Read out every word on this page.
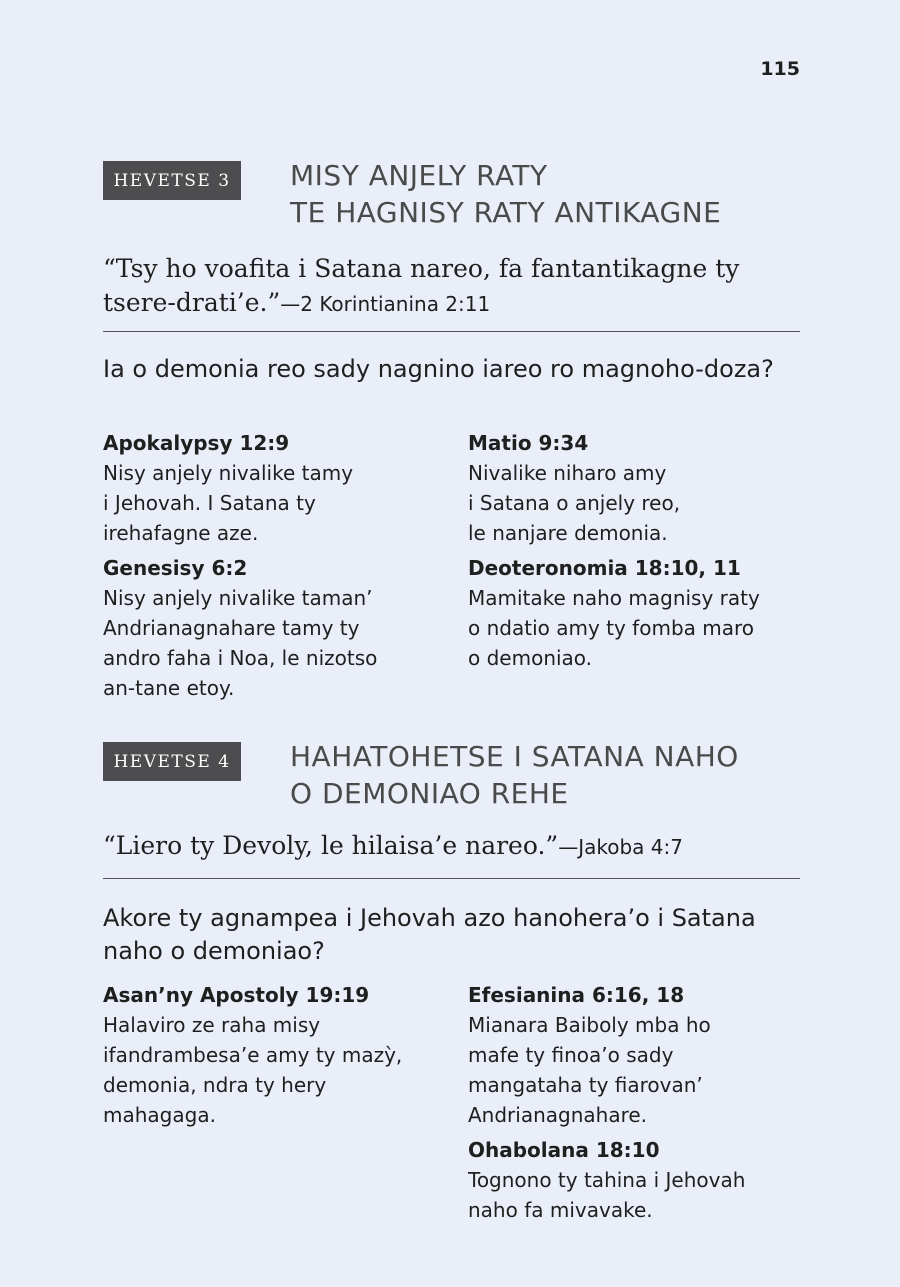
115
HEVETSE 3	MISY ANJELY RATY
TE HAGNISY RATY ANTIKAGNE
“Tsy ho voafita i Satana nareo, fa fantantikagne ty tsere-drati’e.”—2 Korintianina 2:11
Ia o demonia reo sady nagnino iareo ro magnoho-doza?
Apokalypsy 12:9
Nisy anjely nivalike tamy
i Jehovah. I Satana ty
irehafagne aze.
Genesisy 6:2
Nisy anjely nivalike taman’
Andrianagnahare tamy ty
andro faha i Noa, le nizotso
an-tane etoy.
Matio 9:34
Nivalike niharo amy
i Satana o anjely reo,
le nanjare demonia.
Deoteronomia 18:10, 11
Mamitake naho magnisy raty
o ndatio amy ty fomba maro
o demoniao.
HEVETSE 4	HAHATOHETSE I SATANA NAHO
O DEMONIAO REHE
“Liero ty Devoly, le hilaisa’e nareo.”—Jakoba 4:7
Akore ty agnampea i Jehovah azo hanohera’o i Satana naho o demoniao?
Asan’ny Apostoly 19:19
Halaviro ze raha misy
ifandrambesa’e amy ty mazỳ,
demonia, ndra ty hery
mahagaga.
Efesianina 6:16, 18
Mianara Baiboly mba ho
mafe ty finoa’o sady
mangataha ty fiarovan’
Andrianagnahare.
Ohabolana 18:10
Tognono ty tahina i Jehovah
naho fa mivavake.
